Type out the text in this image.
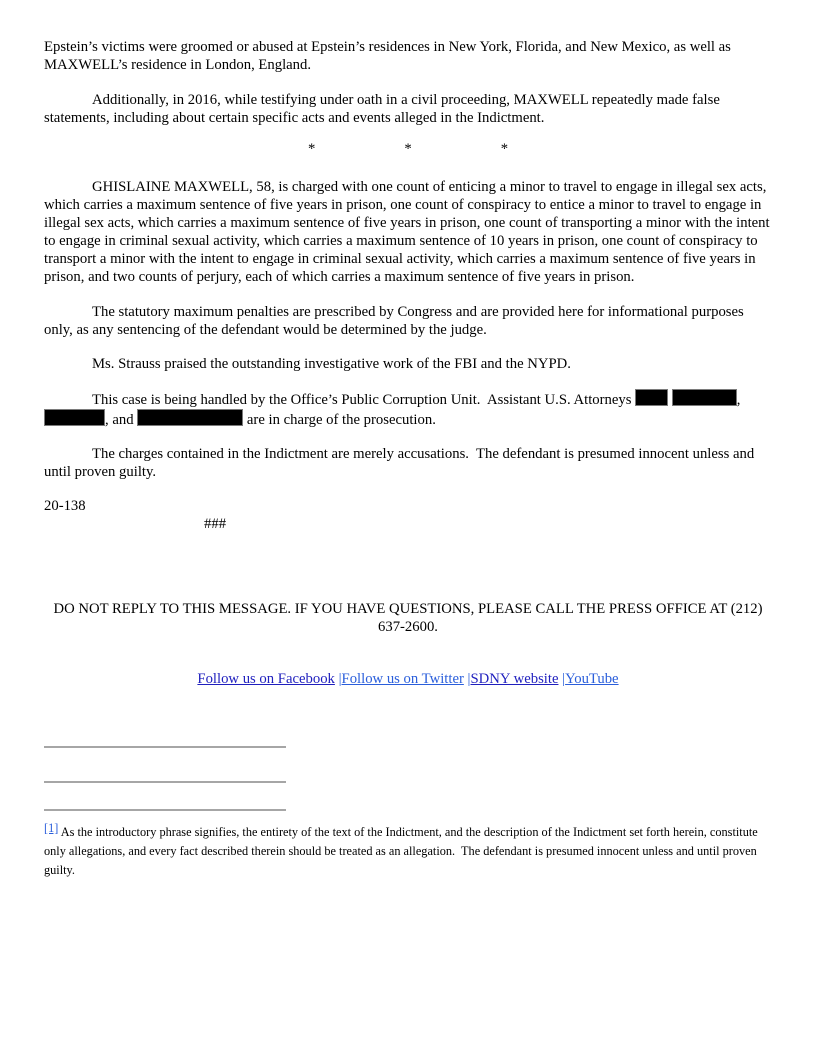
Epstein’s victims were groomed or abused at Epstein’s residences in New York, Florida, and New Mexico, as well as MAXWELL’s residence in London, England.

Additionally, in 2016, while testifying under oath in a civil proceeding, MAXWELL repeatedly made false statements, including about certain specific acts and events alleged in the Indictment.

*	*	*

GHISLAINE MAXWELL, 58, is charged with one count of enticing a minor to travel to engage in illegal sex acts, which carries a maximum sentence of five years in prison, one count of conspiracy to entice a minor to travel to engage in illegal sex acts, which carries a maximum sentence of five years in prison, one count of transporting a minor with the intent to engage in criminal sexual activity, which carries a maximum sentence of 10 years in prison, one count of conspiracy to transport a minor with the intent to engage in criminal sexual activity, which carries a maximum sentence of five years in prison, and two counts of perjury, each of which carries a maximum sentence of five years in prison.

The statutory maximum penalties are prescribed by Congress and are provided here for informational purposes only, as any sentencing of the defendant would be determined by the judge.

Ms. Strauss praised the outstanding investigative work of the FBI and the NYPD.

This case is being handled by the Office’s Public Corruption Unit.  Assistant U.S. Attorneys	, , and	are in charge of the prosecution.

The charges contained in the Indictment are merely accusations.  The defendant is presumed innocent unless and until proven guilty.

20-138

###

DO NOT REPLY TO THIS MESSAGE. IF YOU HAVE QUESTIONS, PLEASE CALL THE PRESS OFFICE AT (212) 637-2600.

Follow us on Facebook |Follow us on Twitter |SDNY website |YouTube

[1] As the introductory phrase signifies, the entirety of the text of the Indictment, and the description of the Indictment set forth herein, constitute only allegations, and every fact described therein should be treated as an allegation.  The defendant is presumed innocent unless and until proven guilty.
